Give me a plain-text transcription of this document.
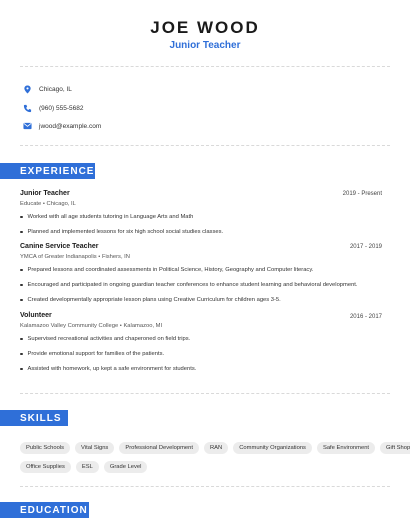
JOE WOOD
Junior Teacher
Chicago, IL
(960) 555-5682
jwood@example.com
EXPERIENCE
Junior Teacher	2019 - Present
Educate • Chicago, IL
Worked with all age students tutoring in Language Arts and Math
Planned and implemented lessons for six high school social studies classes.
Canine Service Teacher	2017 - 2019
YMCA of Greater Indianapolis • Fishers, IN
Prepared lessons and coordinated assessments in Political Science, History, Geography and Computer literacy.
Encouraged and participated in ongoing guardian teacher conferences to enhance student learning and behavioral development.
Created developmentally appropriate lesson plans using Creative Curriculum for children ages 3-5.
Volunteer	2016 - 2017
Kalamazoo Valley Community College • Kalamazoo, MI
Supervised recreational activities and chaperoned on field trips.
Provide emotional support for families of the patients.
Assisted with homework, up kept a safe environment for students.
SKILLS
Public Schools	Vital Signs	Professional Development	RAN	Community Organizations	Safe Environment	Gift Shop
Office Supplies	ESL	Grade Level
EDUCATION
